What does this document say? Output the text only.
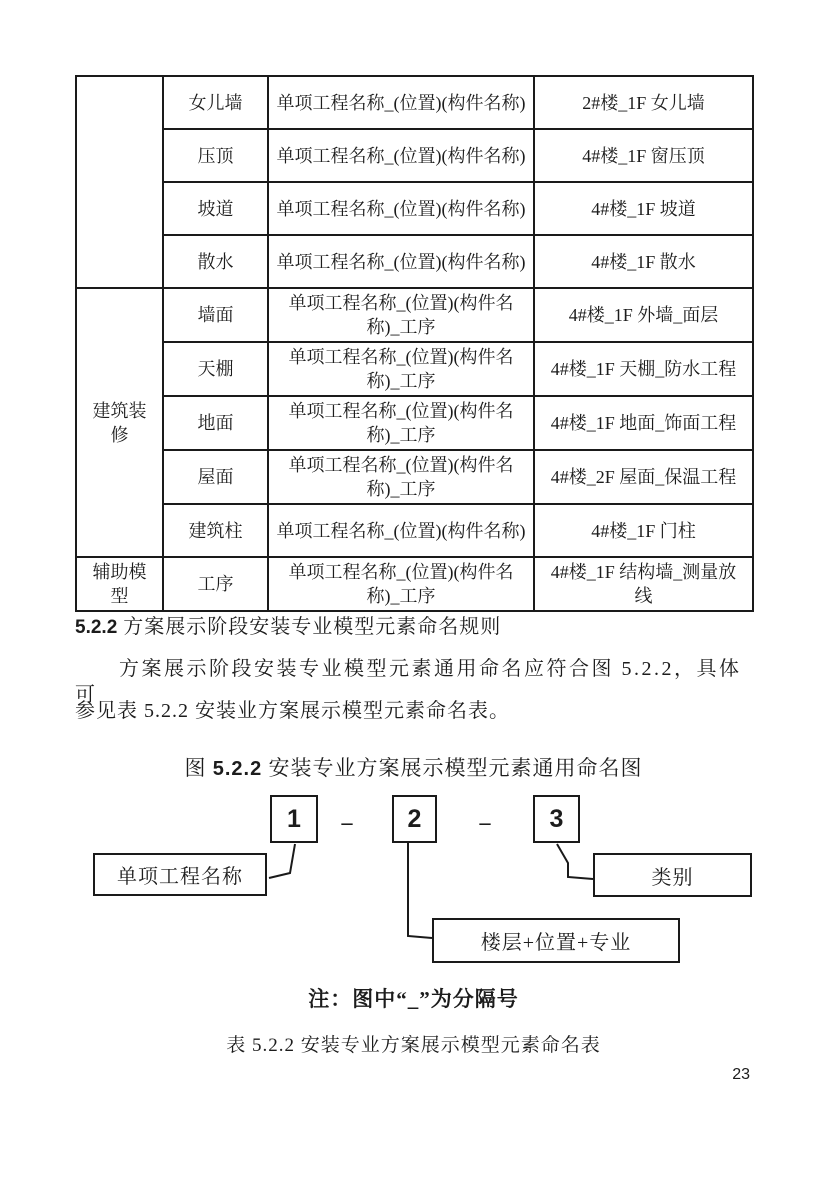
	女儿墙	单项工程名称_(位置)(构件名称)	2#楼_1F 女儿墙
	压顶	单项工程名称_(位置)(构件名称)	4#楼_1F 窗压顶
	坡道	单项工程名称_(位置)(构件名称)	4#楼_1F 坡道
	散水	单项工程名称_(位置)(构件名称)	4#楼_1F 散水
建筑装修	墙面	单项工程名称_(位置)(构件名称)_工序	4#楼_1F 外墙_面层
	天棚	单项工程名称_(位置)(构件名称)_工序	4#楼_1F 天棚_防水工程
	地面	单项工程名称_(位置)(构件名称)_工序	4#楼_1F 地面_饰面工程
	屋面	单项工程名称_(位置)(构件名称)_工序	4#楼_2F 屋面_保温工程
	建筑柱	单项工程名称_(位置)(构件名称)	4#楼_1F 门柱
辅助模型	工序	单项工程名称_(位置)(构件名称)_工序	4#楼_1F 结构墙_测量放线
5.2.2 方案展示阶段安装专业模型元素命名规则
方案展示阶段安装专业模型元素通用命名应符合图 5.2.2，具体可
参见表 5.2.2 安装业方案展示模型元素命名表。
图 5.2.2 安装专业方案展示模型元素通用命名图
1 _ 2	_ 3
单项工程名称	类别
楼层+位置+专业
注：图中“_”为分隔号
表 5.2.2 安装专业方案展示模型元素命名表
23
